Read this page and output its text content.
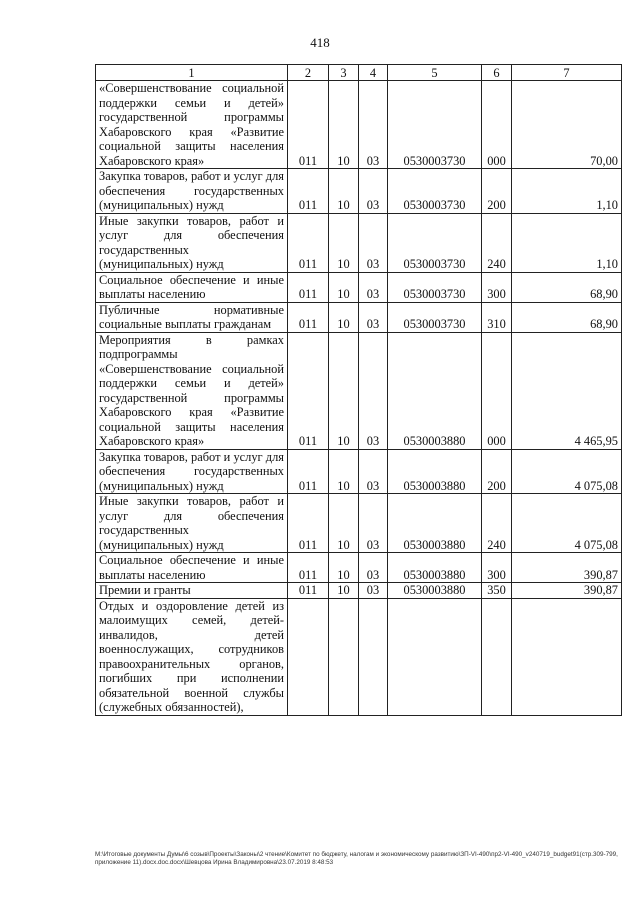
418
1	2	3	4	5	6	7
«Совершенствование социальной поддержки семьи и детей» государственной программы Хабаровского края «Развитие социальной защиты населения Хабаровского края»	011	10	03	0530003730	000	70,00
Закупка товаров, работ и услуг для обеспечения государственных (муниципальных) нужд	011	10	03	0530003730	200	1,10
Иные закупки товаров, работ и услуг для обеспечения государственных (муниципальных) нужд	011	10	03	0530003730	240	1,10
Социальное обеспечение и иные выплаты населению	011	10	03	0530003730	300	68,90
Публичные нормативные социальные выплаты гражданам	011	10	03	0530003730	310	68,90
Мероприятия в рамках подпрограммы «Совершенствование социальной поддержки семьи и детей» государственной программы Хабаровского края «Развитие социальной защиты населения Хабаровского края»	011	10	03	0530003880	000	4 465,95
Закупка товаров, работ и услуг для обеспечения государственных (муниципальных) нужд	011	10	03	0530003880	200	4 075,08
Иные закупки товаров, работ и услуг для обеспечения государственных (муниципальных) нужд	011	10	03	0530003880	240	4 075,08
Социальное обеспечение и иные выплаты населению	011	10	03	0530003880	300	390,87
Премии и гранты	011	10	03	0530003880	350	390,87
Отдых и оздоровление детей из малоимущих семей, детей-инвалидов, детей военнослужащих, сотрудников правоохранительных органов, погибших при исполнении обязательной военной службы (служебных обязанностей),						
M:\Итоговые документы Думы\6 созыв\Проекты\Законы\2 чтение\Комитет по бюджету, налогам и экономическому развитию\ЗП-VI-490\пр2-VI-490_v240719_budget91(стр.309-799, приложение 11).docx.doc.docx\Шевцова Ирина Владимировна\23.07.2019 8:48:53
